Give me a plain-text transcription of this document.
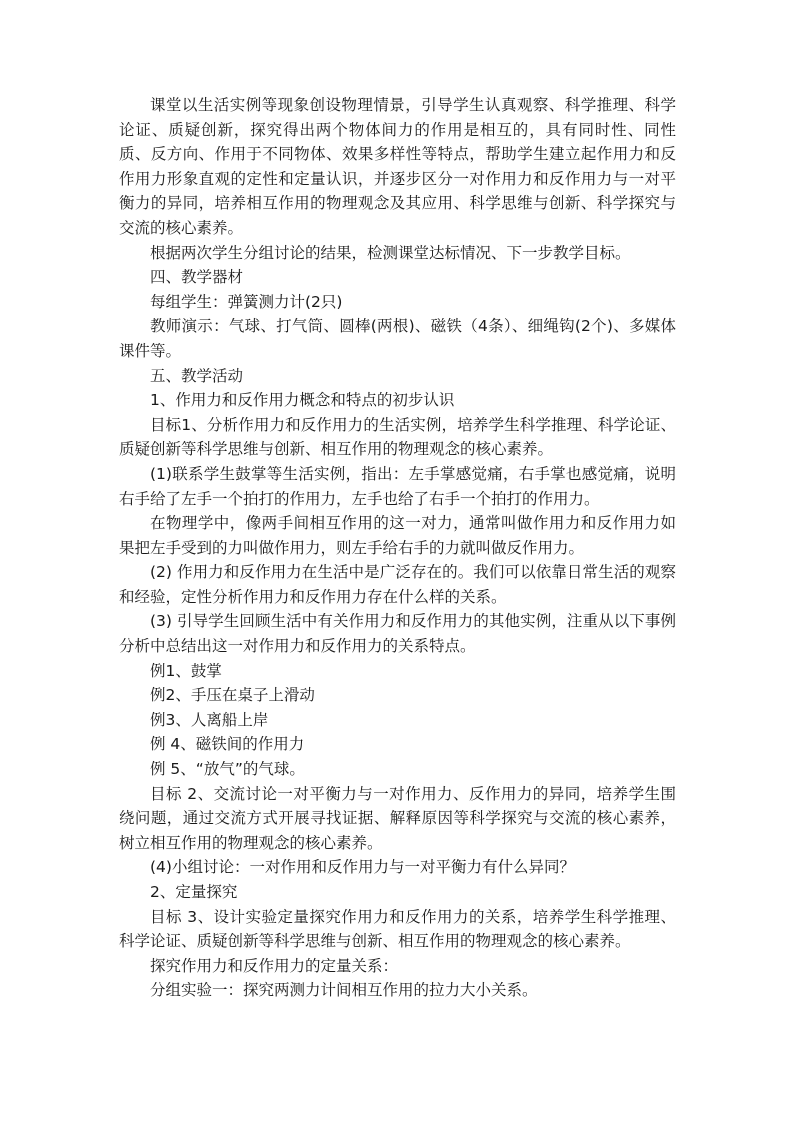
课堂以生活实例等现象创设物理情景，引导学生认真观察、科学推理、科学论证、质疑创新，探究得出两个物体间力的作用是相互的，具有同时性、同性质、反方向、作用于不同物体、效果多样性等特点，帮助学生建立起作用力和反作用力形象直观的定性和定量认识，并逐步区分一对作用力和反作用力与一对平衡力的异同，培养相互作用的物理观念及其应用、科学思维与创新、科学探究与交流的核心素养。

根据两次学生分组讨论的结果，检测课堂达标情况、下一步教学目标。

四、教学器材

每组学生：弹簧测力计(2只)

教师演示：气球、打气筒、圆棒(两根)、磁铁（4条）、细绳钩(2个)、多媒体课件等。

五、教学活动

1、作用力和反作用力概念和特点的初步认识

目标1、分析作用力和反作用力的生活实例，培养学生科学推理、科学论证、质疑创新等科学思维与创新、相互作用的物理观念的核心素养。

(1)联系学生鼓掌等生活实例，指出：左手掌感觉痛，右手掌也感觉痛，说明右手给了左手一个拍打的作用力，左手也给了右手一个拍打的作用力。

在物理学中，像两手间相互作用的这一对力，通常叫做作用力和反作用力如果把左手受到的力叫做作用力，则左手给右手的力就叫做反作用力。

(2) 作用力和反作用力在生活中是广泛存在的。我们可以依靠日常生活的观察和经验，定性分析作用力和反作用力存在什么样的关系。

(3) 引导学生回顾生活中有关作用力和反作用力的其他实例，注重从以下事例分析中总结出这一对作用力和反作用力的关系特点。

例1、鼓掌

例2、手压在桌子上滑动

例3、人离船上岸

例 4、磁铁间的作用力

例 5、“放气”的气球。

目标 2、交流讨论一对平衡力与一对作用力、反作用力的异同，培养学生围绕问题，通过交流方式开展寻找证据、解释原因等科学探究与交流的核心素养，树立相互作用的物理观念的核心素养。

(4)小组讨论：一对作用和反作用力与一对平衡力有什么异同？

2、定量探究

目标 3、设计实验定量探究作用力和反作用力的关系，培养学生科学推理、科学论证、质疑创新等科学思维与创新、相互作用的物理观念的核心素养。

探究作用力和反作用力的定量关系：

分组实验一：探究两测力计间相互作用的拉力大小关系。
